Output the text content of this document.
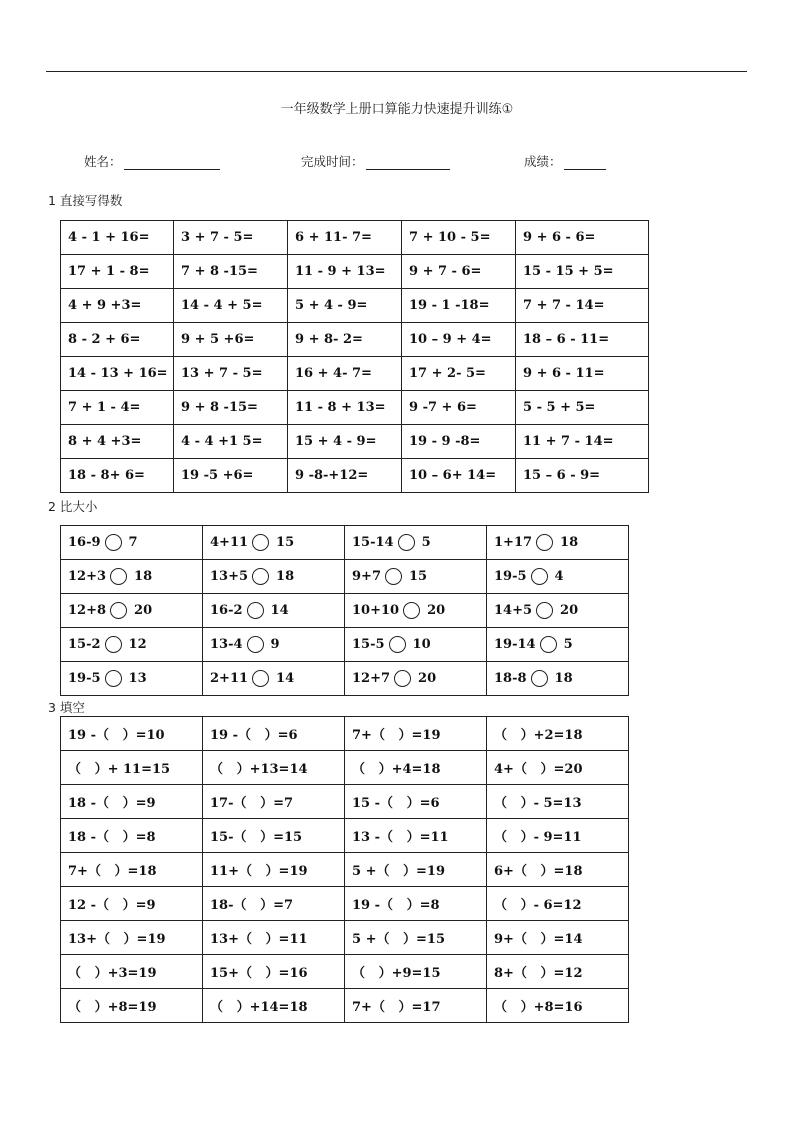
一年级数学上册口算能力快速提升训练①
姓名：	完成时间：	成绩：
1 直接写得数
4 - 1 + 16=	3 + 7 - 5=	6 + 11- 7=	7 + 10 - 5=	9 + 6 - 6=
17 + 1 - 8=	7 + 8 -15=	11 - 9 + 13=	9 + 7 - 6=	15 - 15 + 5=
4 + 9 +3=	14 - 4 + 5=	5 + 4 - 9=	19 - 1 -18=	7 + 7 - 14=
8 - 2 + 6=	9 + 5 +6=	9 + 8- 2=	10 – 9 + 4=	18 – 6 - 11=
14 - 13 + 16=	13 + 7 - 5=	16 + 4- 7=	17 + 2- 5=	9 + 6 - 11=
7 + 1 - 4=	9 + 8 -15=	11 - 8 + 13=	9 -7 + 6=	5 - 5 + 5=
8 + 4 +3=	4 - 4 +1 5=	15 + 4 - 9=	19 - 9 -8=	11 + 7 - 14=
18 - 8+ 6=	19 -5 +6=	9 -8-+12=	10 – 6+ 14=	15 – 6 - 9=
2 比大小
16-9 7	4+11 15	15-14 5	1+17 18

12+3 18	13+5 18	9+7 15	19-5 4

12+8 20	16-2 14	10+10 20	14+5 20

15-2 12	13-4 9	15-5 10	19-14 5

19-5 13	2+11 14	12+7 20	18-8 18
3 填空
19 -（   ）=10	19 -（   ）=6	7+（   ）=19	（   ）+2=18
（   ）+ 11=15	（   ）+13=14	（   ）+4=18	4+（   ）=20
18 -（   ）=9	17-（   ）=7	15 -（   ）=6	（   ）- 5=13
18 -（   ）=8	15-（   ）=15	13 -（   ）=11	（   ）- 9=11
7+（   ）=18	11+（   ）=19	5 +（   ）=19	6+（   ）=18
12 -（   ）=9	18-（   ）=7	19 -（   ）=8	（   ）- 6=12
13+（   ）=19	13+（   ）=11	5 +（   ）=15	9+（   ）=14
（   ）+3=19	15+（   ）=16	（   ）+9=15	8+（   ）=12
（   ）+8=19	（   ）+14=18	7+（   ）=17	（   ）+8=16
